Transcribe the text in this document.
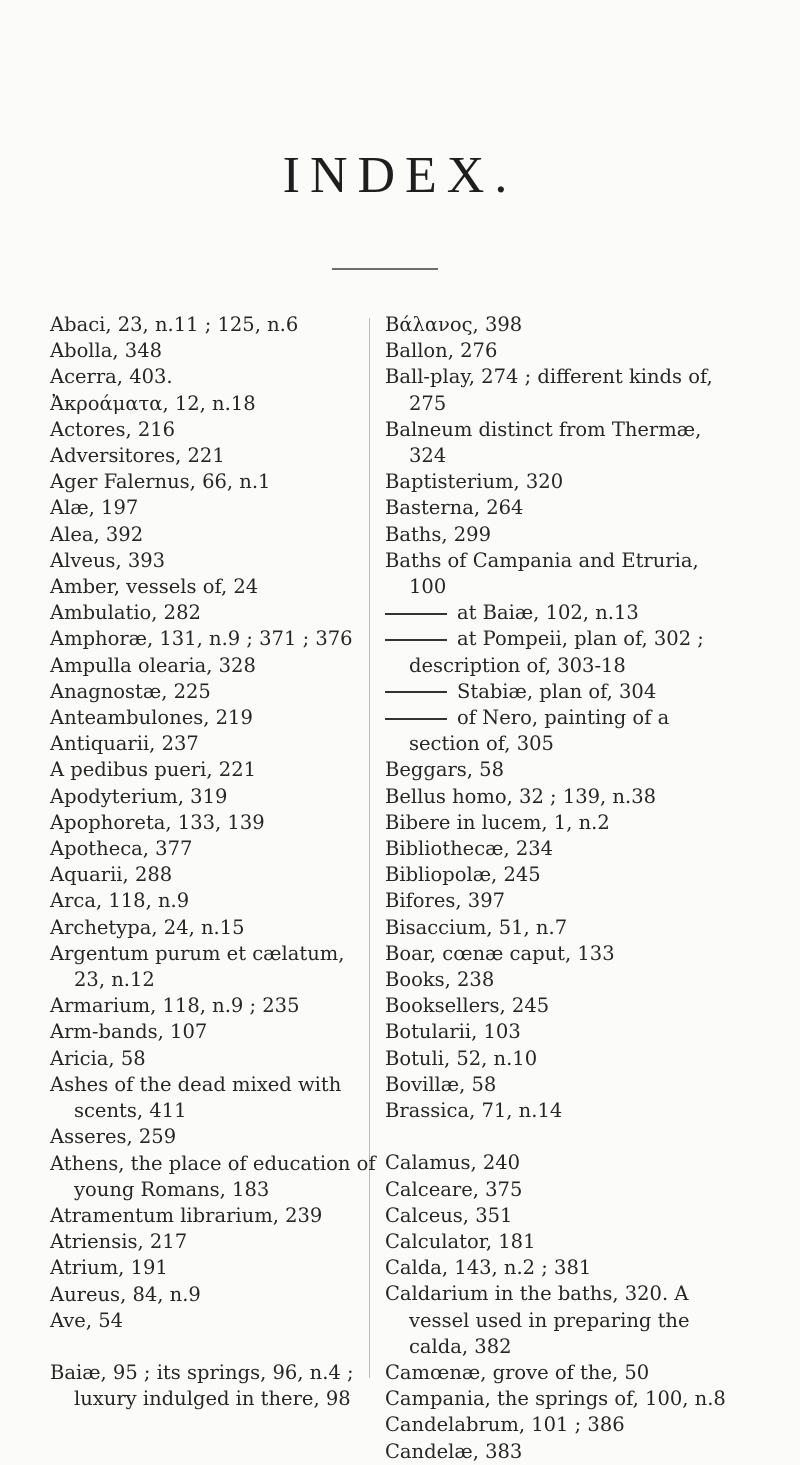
INDEX.
Abaci, 23, n.11 ; 125, n.6
Abolla, 348
Acerra, 403.
Ἀκροάματα, 12, n.18
Actores, 216
Adversitores, 221
Ager Falernus, 66, n.1
Alæ, 197
Alea, 392
Alveus, 393
Amber, vessels of, 24
Ambulatio, 282
Amphoræ, 131, n.9 ; 371 ; 376
Ampulla olearia, 328
Anagnostæ, 225
Anteambulones, 219
Antiquarii, 237
A pedibus pueri, 221
Apodyterium, 319
Apophoreta, 133, 139
Apotheca, 377
Aquarii, 288
Arca, 118, n.9
Archetypa, 24, n.15
Argentum purum et cælatum, 23, n.12
Armarium, 118, n.9 ; 235
Arm-bands, 107
Aricia, 58
Ashes of the dead mixed with scents, 411
Asseres, 259
Athens, the place of education of young Romans, 183
Atramentum librarium, 239
Atriensis, 217
Atrium, 191
Aureus, 84, n.9
Ave, 54
Baiæ, 95 ; its springs, 96, n.4 ; luxury indulged in there, 98
Βάλανος, 398
Ballon, 276
Ball-play, 274 ; different kinds of, 275
Balneum distinct from Thermæ, 324
Baptisterium, 320
Basterna, 264
Baths, 299
Baths of Campania and Etruria, 100
at Baiæ, 102, n.13
at Pompeii, plan of, 302 ; description of, 303-18
Stabiæ, plan of, 304
of Nero, painting of a section of, 305
Beggars, 58
Bellus homo, 32 ; 139, n.38
Bibere in lucem, 1, n.2
Bibliothecæ, 234
Bibliopolæ, 245
Bifores, 397
Bisaccium, 51, n.7
Boar, cœnæ caput, 133
Books, 238
Booksellers, 245
Botularii, 103
Botuli, 52, n.10
Bovillæ, 58
Brassica, 71, n.14
Calamus, 240
Calceare, 375
Calceus, 351
Calculator, 181
Calda, 143, n.2 ; 381
Caldarium in the baths, 320. A vessel used in preparing the calda, 382
Camœnæ, grove of the, 50
Campania, the springs of, 100, n.8
Candelabrum, 101 ; 386
Candelæ, 383
